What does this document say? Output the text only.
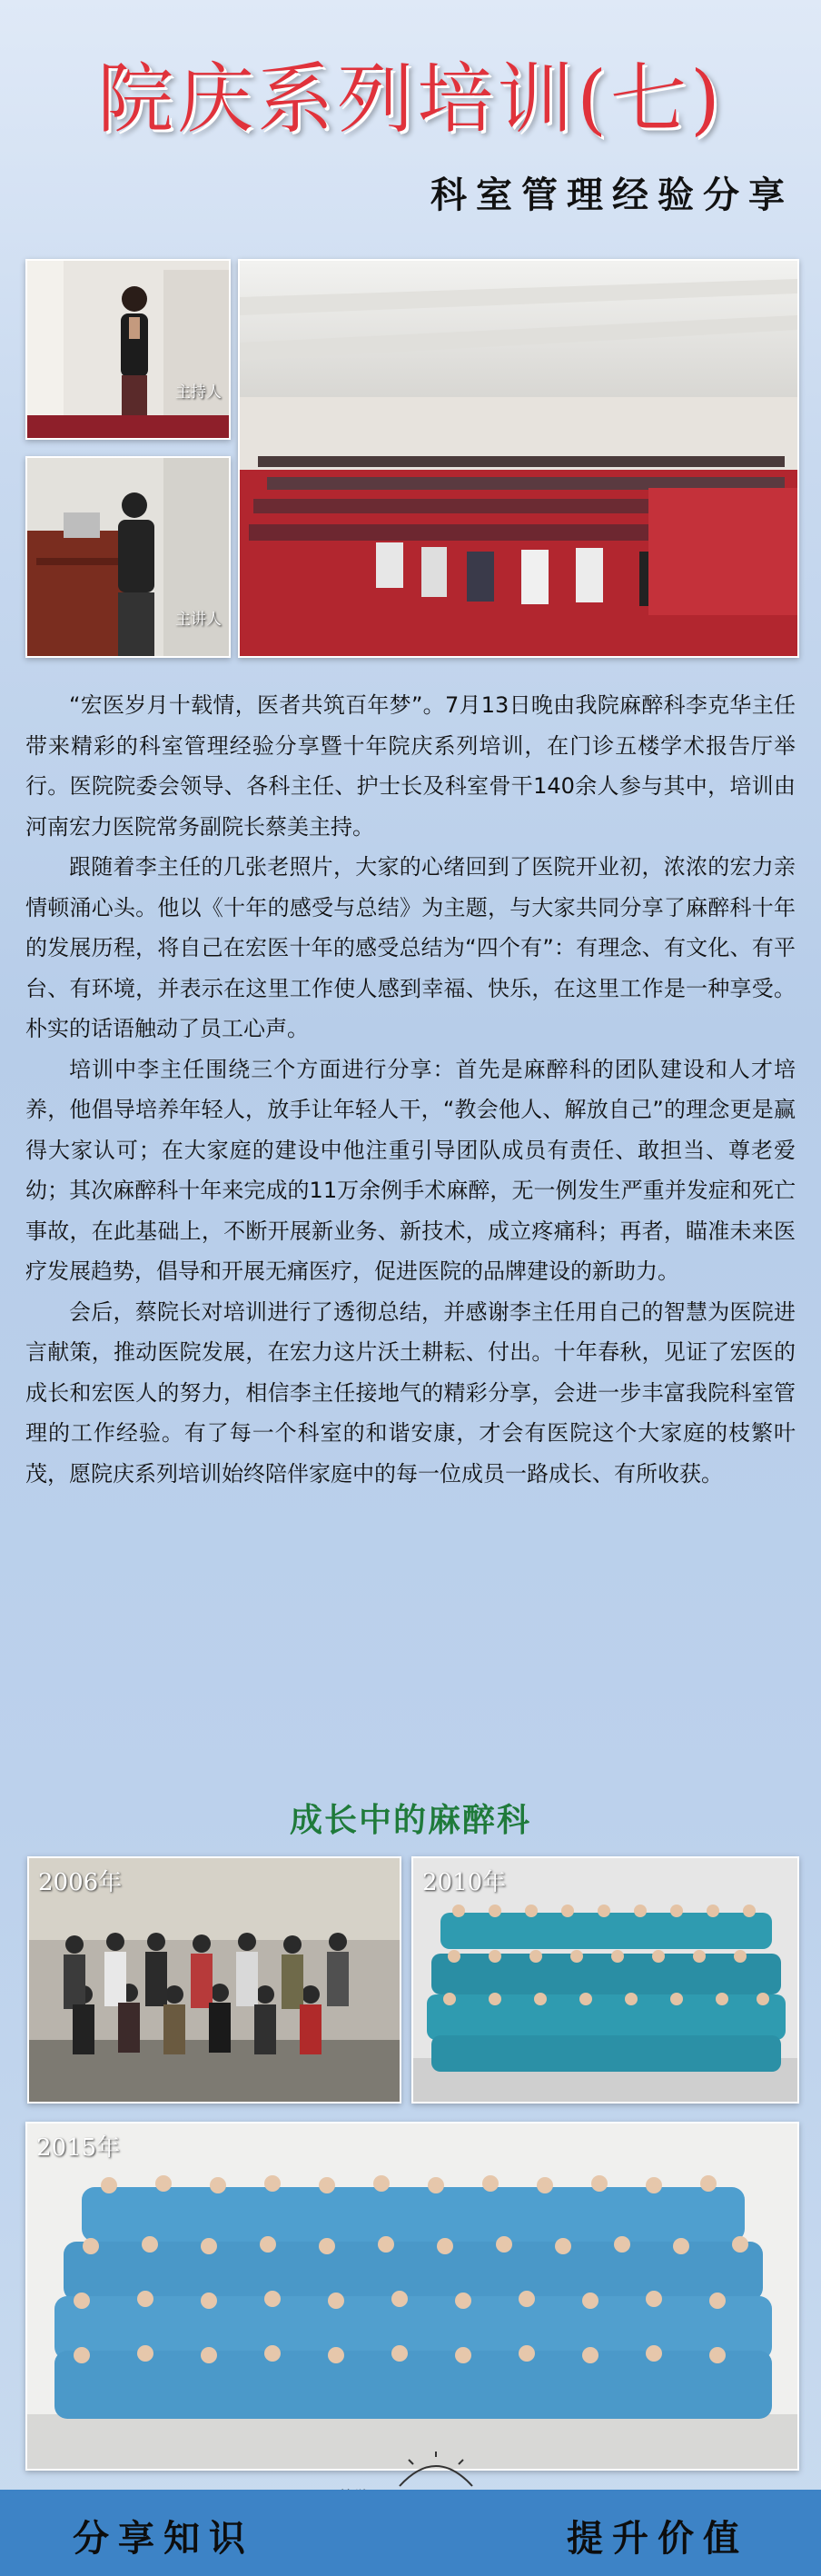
院庆系列培训(七)
科室管理经验分享
主持人
主讲人

“宏医岁月十载情，医者共筑百年梦”。7月13日晚由我院麻醉科李克华主任带来精彩的科室管理经验分享暨十年院庆系列培训，在门诊五楼学术报告厅举行。医院院委会领导、各科主任、护士长及科室骨干140余人参与其中，培训由河南宏力医院常务副院长蔡美主持。

跟随着李主任的几张老照片，大家的心绪回到了医院开业初，浓浓的宏力亲情顿涌心头。他以《十年的感受与总结》为主题，与大家共同分享了麻醉科十年的发展历程，将自己在宏医十年的感受总结为“四个有”：有理念、有文化、有平台、有环境，并表示在这里工作使人感到幸福、快乐，在这里工作是一种享受。朴实的话语触动了员工心声。

培训中李主任围绕三个方面进行分享：首先是麻醉科的团队建设和人才培养，他倡导培养年轻人，放手让年轻人干，“教会他人、解放自己”的理念更是赢得大家认可；在大家庭的建设中他注重引导团队成员有责任、敢担当、尊老爱幼；其次麻醉科十年来完成的11万余例手术麻醉，无一例发生严重并发症和死亡事故，在此基础上，不断开展新业务、新技术，成立疼痛科；再者，瞄准未来医疗发展趋势，倡导和开展无痛医疗，促进医院的品牌建设的新助力。

会后，蔡院长对培训进行了透彻总结，并感谢李主任用自己的智慧为医院进言献策，推动医院发展，在宏力这片沃土耕耘、付出。十年春秋，见证了宏医的成长和宏医人的努力，相信李主任接地气的精彩分享，会进一步丰富我院科室管理的工作经验。有了每一个科室的和谐安康，才会有医院这个大家庭的枝繁叶茂，愿院庆系列培训始终陪伴家庭中的每一位成员一路成长、有所收获。

成长中的麻醉科
2006年	2010年
2015年
分享知识	提升价值
